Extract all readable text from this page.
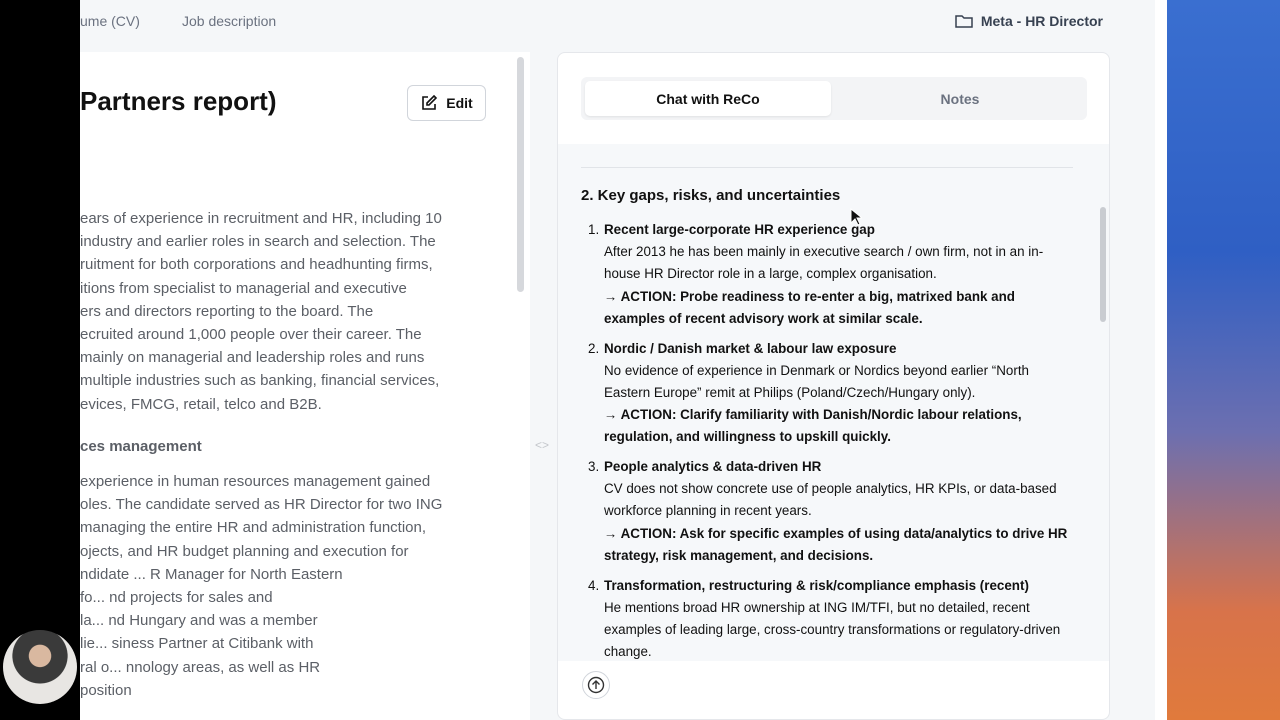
ume (CV)	Job description	Meta - HR Director
Partners report)	Edit
ears of experience in recruitment and HR, including 10
industry and earlier roles in search and selection. The
ruitment for both corporations and headhunting firms,
itions from specialist to managerial and executive
ers and directors reporting to the board. The
ecruited around 1,000 people over their career. The
mainly on managerial and leadership roles and runs
multiple industries such as banking, financial services,
evices, FMCG, retail, telco and B2B.
ces management
experience in human resources management gained
oles. The candidate served as HR Director for two ING
managing the entire HR and administration function,
ojects, and HR budget planning and execution for
ndidate ... R Manager for North Eastern
fo... nd projects for sales and
la... nd Hungary and was a member
lie... siness Partner at Citibank with
ral o... nnology areas, as well as HR
position
<>
Chat with ReCo	Notes
2. Key gaps, risks, and uncertainties
1. Recent large-corporate HR experience gap
After 2013 he has been mainly in executive search / own firm, not in an in-house HR Director role in a large, complex organisation.
→ ACTION: Probe readiness to re-enter a big, matrixed bank and examples of recent advisory work at similar scale.
2. Nordic / Danish market & labour law exposure
No evidence of experience in Denmark or Nordics beyond earlier “North Eastern Europe” remit at Philips (Poland/Czech/Hungary only).
→ ACTION: Clarify familiarity with Danish/Nordic labour relations, regulation, and willingness to upskill quickly.
3. People analytics & data-driven HR
CV does not show concrete use of people analytics, HR KPIs, or data-based workforce planning in recent years.
→ ACTION: Ask for specific examples of using data/analytics to drive HR strategy, risk management, and decisions.
4. Transformation, restructuring & risk/compliance emphasis (recent)
He mentions broad HR ownership at ING IM/TFI, but no detailed, recent examples of leading large, cross-country transformations or regulatory-driven change.
